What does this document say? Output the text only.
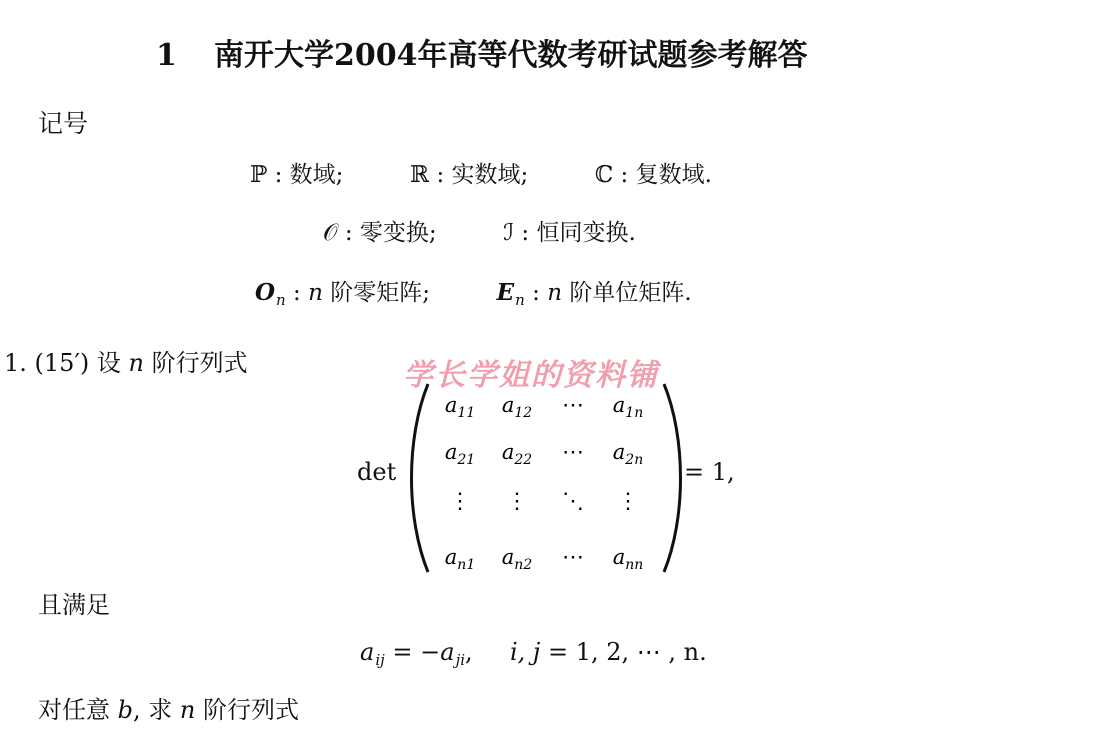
1 南开大学2004年高等代数考研试题参考解答
记号
ℙ : 数域;	ℝ : 实数域;	ℂ : 复数域.
𝒪 : 零变换;	ℐ : 恒同变换.
$O_n$ : n 阶零矩阵;	$E_n$ : n 阶单位矩阵.
1. (15′) 设 n 阶行列式	学长学姐的资料铺
det
$a_{11}$ $a_{12}$ ⋯ $a_{1n}$
$a_{21}$ $a_{22}$ ⋯ $a_{2n}$
⋮ ⋮ ⋱ ⋮
$a_{n1}$ $a_{n2}$ ⋯ $a_{nn}$
= 1,
且满足
$a_{ij} = -a_{ji}$, i, j = 1, 2, ⋯ , n.
对任意 b, 求 n 阶行列式
